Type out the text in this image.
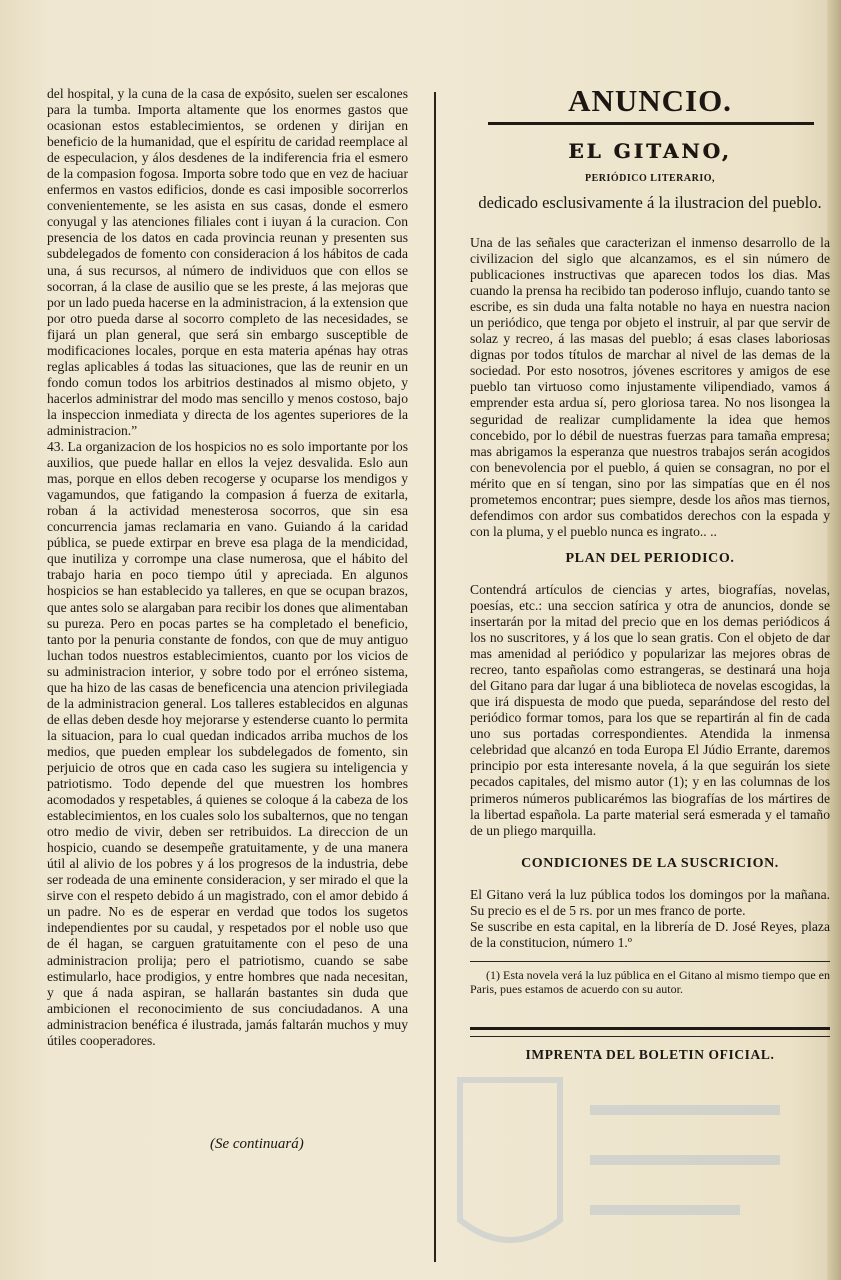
del hospital, y la cuna de la casa de expósito, suelen ser escalones para la tumba. Importa altamente que los enormes gastos que ocasionan estos establecimientos, se ordenen y dirijan en beneficio de la humanidad, que el espíritu de caridad reemplace al de especulacion, y álos desdenes de la indiferencia fria el esmero de la compasion fogosa. Importa sobre todo que en vez de haciuar enfermos en vastos edificios, donde es casi imposible socorrerlos convenientemente, se les asista en sus casas, donde el esmero conyugal y las atenciones filiales cont i iuyan á la curacion. Con presencia de los datos en cada provincia reunan y presenten sus subdelegados de fomento con consideracion á los hábitos de cada una, á sus recursos, al número de individuos que con ellos se socorran, á la clase de ausilio que se les preste, á las mejoras que por un lado pueda hacerse en la administracion, á la extension que por otro pueda darse al socorro completo de las necesidades, se fijará un plan general, que será sin embargo susceptible de modificaciones locales, porque en esta materia apénas hay otras reglas aplicables á todas las situaciones, que las de reunir en un fondo comun todos los arbitrios destinados al mismo objeto, y hacerlos administrar del modo mas sencillo y menos costoso, bajo la inspeccion inmediata y directa de los agentes superiores de la administracion.”

43. La organizacion de los hospicios no es solo importante por los auxilios, que puede hallar en ellos la vejez desvalida. Eslo aun mas, porque en ellos deben recogerse y ocuparse los mendigos y vagamundos, que fatigando la compasion á fuerza de exitarla, roban á la actividad menesterosa socorros, que sin esa concurrencia jamas reclamaria en vano. Guiando á la caridad pública, se puede extirpar en breve esa plaga de la mendicidad, que inutiliza y corrompe una clase numerosa, que el hábito del trabajo haria en poco tiempo útil y apreciada. En algunos hospicios se han establecido ya talleres, en que se ocupan brazos, que antes solo se alargaban para recibir los dones que alimentaban su pureza. Pero en pocas partes se ha completado el beneficio, tanto por la penuria constante de fondos, con que de muy antiguo luchan todos nuestros establecimientos, cuanto por los vicios de su administracion interior, y sobre todo por el erróneo sistema, que ha hizo de las casas de beneficencia una atencion privilegiada de la administracion general. Los talleres establecidos en algunas de ellas deben desde hoy mejorarse y estenderse cuanto lo permita la situacion, para lo cual quedan indicados arriba muchos de los medios, que pueden emplear los subdelegados de fomento, sin perjuicio de otros que en cada caso les sugiera su inteligencia y patriotismo. Todo depende del que muestren los hombres acomodados y respetables, á quienes se coloque á la cabeza de los establecimientos, en los cuales solo los subalternos, que no tengan otro medio de vivir, deben ser retribuidos. La direccion de un hospicio, cuando se desempeñe gratuitamente, y de una manera útil al alivio de los pobres y á los progresos de la industria, debe ser rodeada de una eminente consideracion, y ser mirado el que la sirve con el respeto debido á un magistrado, con el amor debido á un padre. No es de esperar en verdad que todos los sugetos independientes por su caudal, y respetados por el noble uso que de él hagan, se carguen gratuitamente con el peso de una administracion prolija; pero el patriotismo, cuando se sabe estimularlo, hace prodigios, y entre hombres que nada necesitan, y que á nada aspiran, se hallarán bastantes sin duda que ambicionen el reconocimiento de sus conciudadanos. A una administracion benéfica é ilustrada, jamás faltarán muchos y muy útiles cooperadores.

(Se continuará)
ANUNCIO.
EL GITANO,
PERIÓDICO LITERARIO,
dedicado esclusivamente á la ilustracion del pueblo.

Una de las señales que caracterizan el inmenso desarrollo de la civilizacion del siglo que alcanzamos, es el sin número de publicaciones instructivas que aparecen todos los dias. Mas cuando la prensa ha recibido tan poderoso influjo, cuando tanto se escribe, es sin duda una falta notable no haya en nuestra nacion un periódico, que tenga por objeto el instruir, al par que servir de solaz y recreo, á las masas del pueblo; á esas clases laboriosas dignas por todos títulos de marchar al nivel de las demas de la sociedad. Por esto nosotros, jóvenes escritores y amigos de ese pueblo tan virtuoso como injustamente vilipendiado, vamos á emprender esta ardua sí, pero gloriosa tarea. No nos lisongea la seguridad de realizar cumplidamente la idea que hemos concebido, por lo débil de nuestras fuerzas para tamaña empresa; mas abrigamos la esperanza que nuestros trabajos serán acogidos con benevolencia por el pueblo, á quien se consagran, no por el mérito que en sí tengan, sino por las simpatías que en él nos prometemos encontrar; pues siempre, desde los años mas tiernos, defendimos con ardor sus combatidos derechos con la espada y con la pluma, y el pueblo nunca es ingrato.. ..

PLAN DEL PERIODICO.

Contendrá artículos de ciencias y artes, biografías, novelas, poesías, etc.: una seccion satírica y otra de anuncios, donde se insertarán por la mitad del precio que en los demas periódicos á los no suscritores, y á los que lo sean gratis. Con el objeto de dar mas amenidad al periódico y popularizar las mejores obras de recreo, tanto españolas como estrangeras, se destinará una hoja del Gitano para dar lugar á una biblioteca de novelas escogidas, la que irá dispuesta de modo que pueda, separándose del resto del periódico formar tomos, para los que se repartirán al fin de cada uno sus portadas correspondientes. Atendida la inmensa celebridad que alcanzó en toda Europa El Júdio Errante, daremos principio por esta interesante novela, á la que seguirán los siete pecados capitales, del mismo autor (1); y en las columnas de los primeros números publicarémos las biografías de los mártires de la libertad española. La parte material será esmerada y el tamaño de un pliego marquilla.

CONDICIONES DE LA SUSCRICION.

El Gitano verá la luz pública todos los domingos por la mañana. Su precio es el de 5 rs. por un mes franco de porte.

Se suscribe en esta capital, en la librería de D. José Reyes, plaza de la constitucion, número 1.º

(1) Esta novela verá la luz pública en el Gitano al mismo tiempo que en Paris, pues estamos de acuerdo con su autor.

IMPRENTA DEL BOLETIN OFICIAL.
